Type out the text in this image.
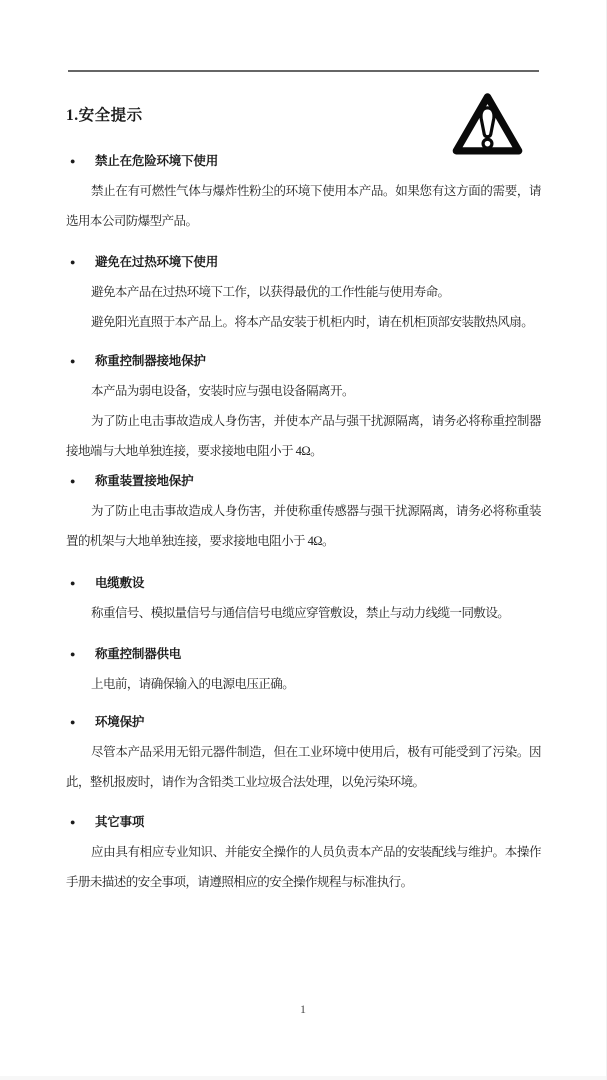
1.安全提示
●	禁止在危险环境下使用

禁止在有可燃性气体与爆炸性粉尘的环境下使用本产品。如果您有这方面的需要，请选用本公司防爆型产品。

●	避免在过热环境下使用

避免本产品在过热环境下工作，以获得最优的工作性能与使用寿命。

避免阳光直照于本产品上。将本产品安装于机柜内时，请在机柜顶部安装散热风扇。

●	称重控制器接地保护

本产品为弱电设备，安装时应与强电设备隔离开。

为了防止电击事故造成人身伤害，并使本产品与强干扰源隔离，请务必将称重控制器接地端与大地单独连接，要求接地电阻小于 4Ω。

●	称重装置接地保护

为了防止电击事故造成人身伤害，并使称重传感器与强干扰源隔离，请务必将称重装置的机架与大地单独连接，要求接地电阻小于 4Ω。

●	电缆敷设

称重信号、模拟量信号与通信信号电缆应穿管敷设，禁止与动力线缆一同敷设。

●	称重控制器供电

上电前，请确保输入的电源电压正确。

●	环境保护

尽管本产品采用无铅元器件制造，但在工业环境中使用后，极有可能受到了污染。因此，整机报废时，请作为含铅类工业垃圾合法处理，以免污染环境。

●	其它事项

应由具有相应专业知识、并能安全操作的人员负责本产品的安装配线与维护。本操作手册未描述的安全事项，请遵照相应的安全操作规程与标准执行。

1
